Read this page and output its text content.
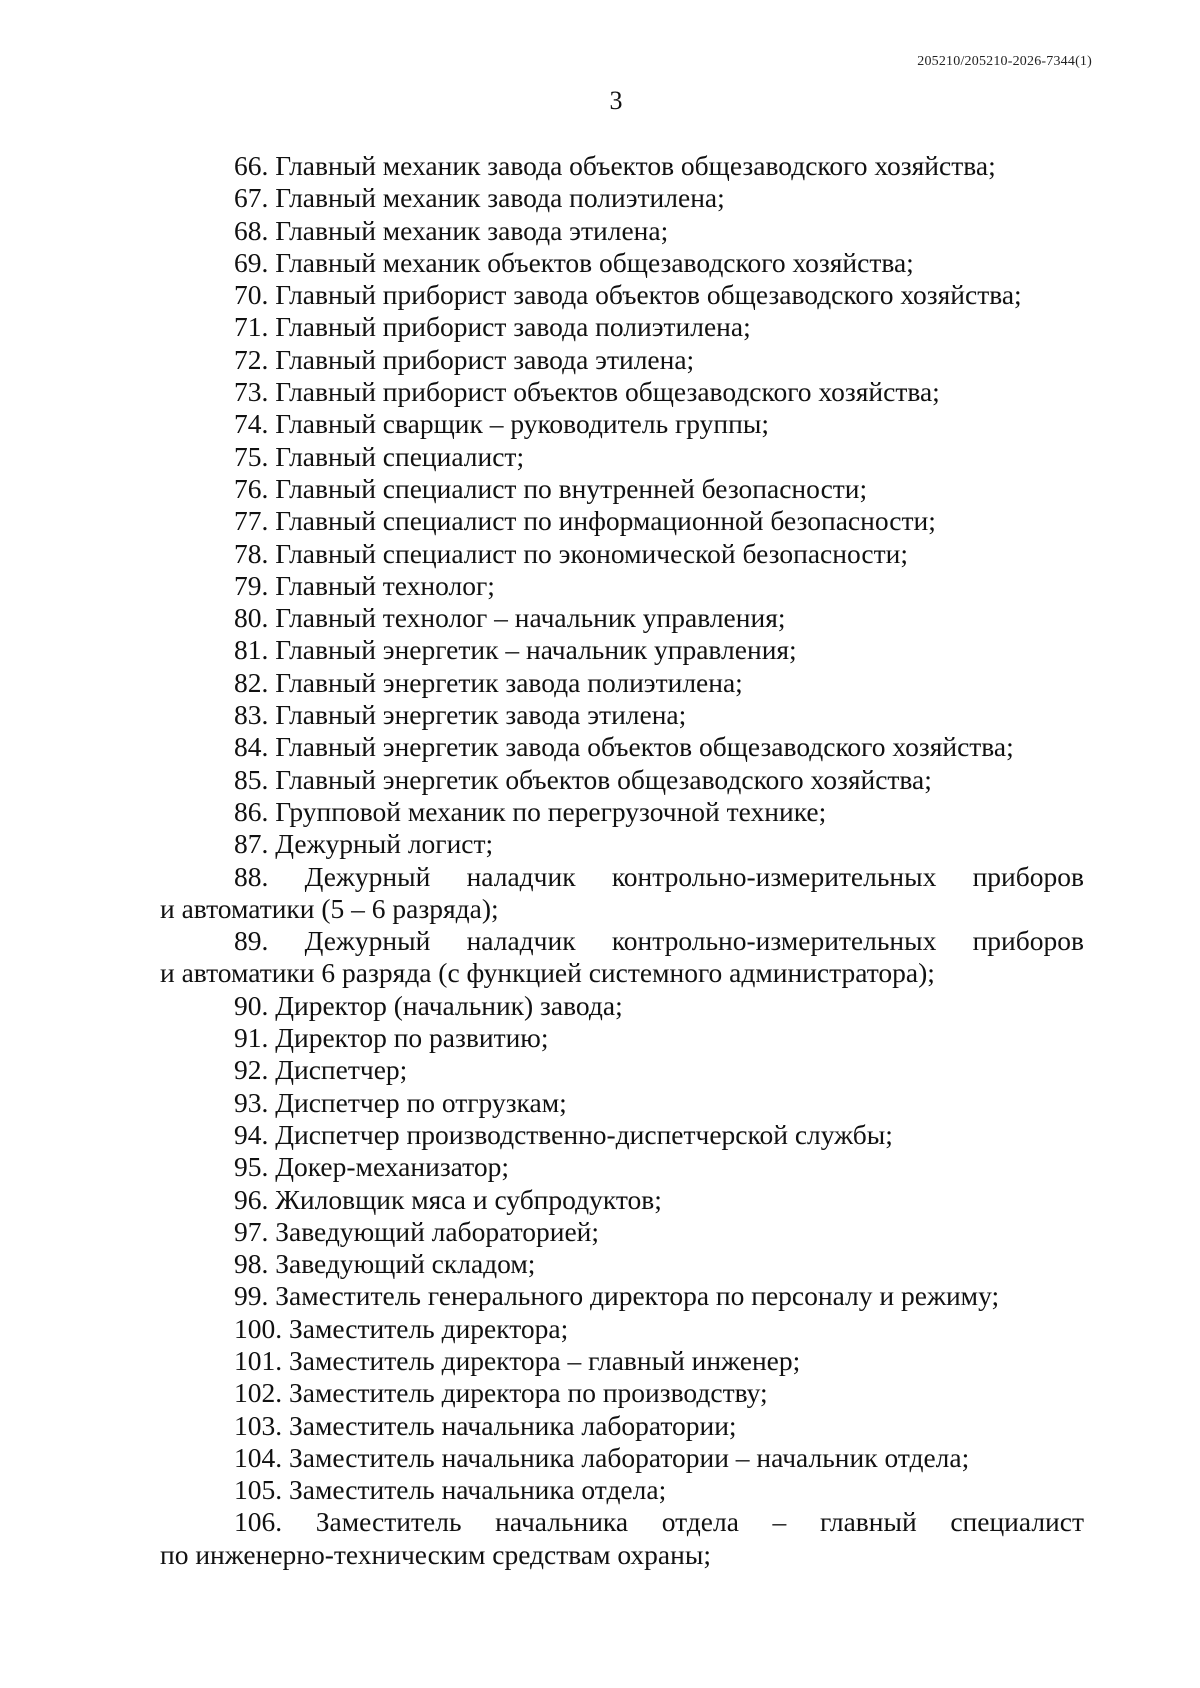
205210/205210-2026-7344(1)
3

66. Главный механик завода объектов общезаводского хозяйства;

67. Главный механик завода полиэтилена;

68. Главный механик завода этилена;

69. Главный механик объектов общезаводского хозяйства;

70. Главный приборист завода объектов общезаводского хозяйства;

71. Главный приборист завода полиэтилена;

72. Главный приборист завода этилена;

73. Главный приборист объектов общезаводского хозяйства;

74. Главный сварщик – руководитель группы;

75. Главный специалист;

76. Главный специалист по внутренней безопасности;

77. Главный специалист по информационной безопасности;

78. Главный специалист по экономической безопасности;

79. Главный технолог;

80. Главный технолог – начальник управления;

81. Главный энергетик – начальник управления;

82. Главный энергетик завода полиэтилена;

83. Главный энергетик завода этилена;

84. Главный энергетик завода объектов общезаводского хозяйства;

85. Главный энергетик объектов общезаводского хозяйства;

86. Групповой механик по перегрузочной технике;

87. Дежурный логист;

88. Дежурный наладчик контрольно-измерительных приборов
и автоматики (5 – 6 разряда);
89. Дежурный наладчик контрольно-измерительных приборов
и автоматики 6 разряда (с функцией системного администратора);

90. Директор (начальник) завода;

91. Директор по развитию;

92. Диспетчер;

93. Диспетчер по отгрузкам;

94. Диспетчер производственно-диспетчерской службы;

95. Докер-механизатор;

96. Жиловщик мяса и субпродуктов;

97. Заведующий лабораторией;

98. Заведующий складом;

99. Заместитель генерального директора по персоналу и режиму;

100. Заместитель директора;

101. Заместитель директора – главный инженер;

102. Заместитель директора по производству;

103. Заместитель начальника лаборатории;

104. Заместитель начальника лаборатории – начальник отдела;

105. Заместитель начальника отдела;

106. Заместитель начальника отдела – главный специалист
по инженерно-техническим средствам охраны;
